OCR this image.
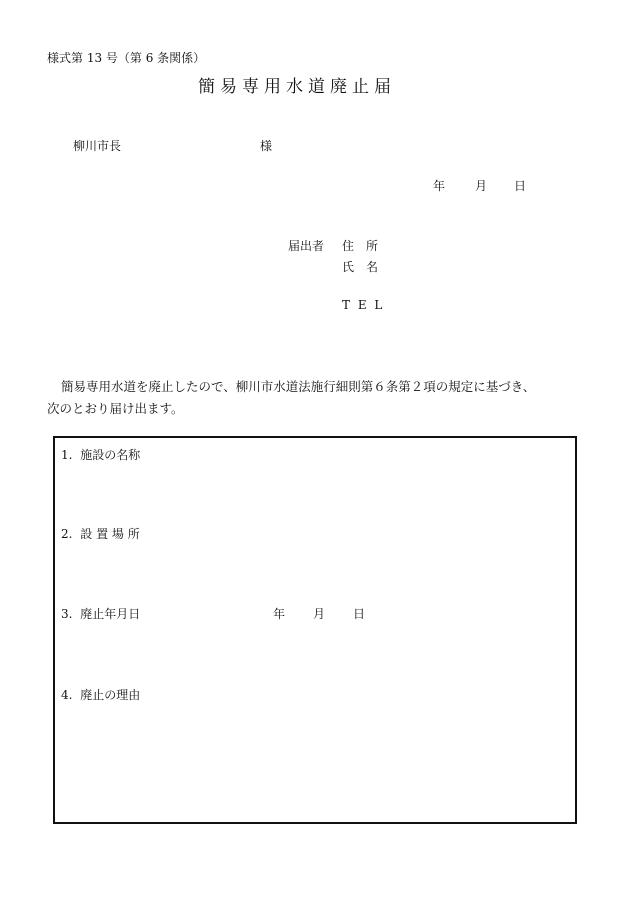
様式第 13 号（第 6 条関係）
簡易専用水道廃止届
柳川市長	様
年 月 日
届出者 住　所
氏　名
T E L
簡易専用水道を廃止したので、柳川市水道法施行細則第６条第２項の規定に基づき、
次のとおり届け出ます。
1. 施設の名称
2. 設 置 場 所
3. 廃止年月日	年 月 日
4. 廃止の理由
